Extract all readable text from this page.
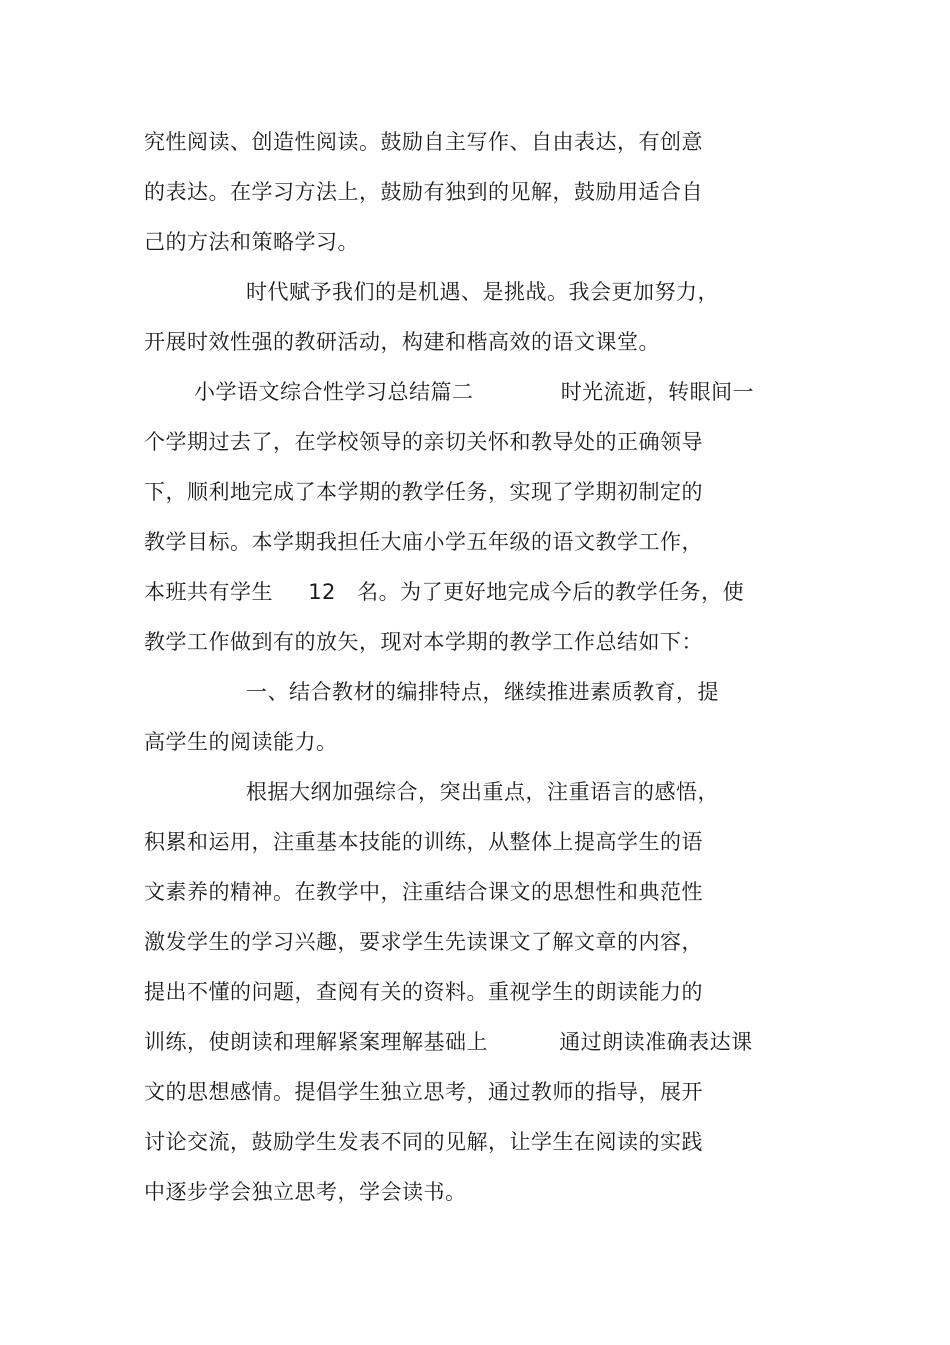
究性阅读、创造性阅读。鼓励自主写作、自由表达，有创意
的表达。在学习方法上，鼓励有独到的见解，鼓励用适合自
己的方法和策略学习。
时代赋予我们的是机遇、是挑战。我会更加努力，
开展时效性强的教研活动，构建和楷高效的语文课堂。
小学语文综合性学习总结篇二	时光流逝，转眼间一
个学期过去了，在学校领导的亲切关怀和教导处的正确领导
下，顺利地完成了本学期的教学任务，实现了学期初制定的
教学目标。本学期我担任大庙小学五年级的语文教学工作，
本班共有学生 12 名。为了更好地完成今后的教学任务，使
教学工作做到有的放矢，现对本学期的教学工作总结如下：
一、结合教材的编排特点，继续推进素质教育，提
高学生的阅读能力。
根据大纲加强综合，突出重点，注重语言的感悟，
积累和运用，注重基本技能的训练，从整体上提高学生的语
文素养的精神。在教学中，注重结合课文的思想性和典范性
激发学生的学习兴趣，要求学生先读课文了解文章的内容，
提出不懂的问题，查阅有关的资料。重视学生的朗读能力的
训练，使朗读和理解紧案理解基础上	通过朗读准确表达课
文的思想感情。提倡学生独立思考，通过教师的指导，展开
讨论交流，鼓励学生发表不同的见解，让学生在阅读的实践
中逐步学会独立思考，学会读书。
